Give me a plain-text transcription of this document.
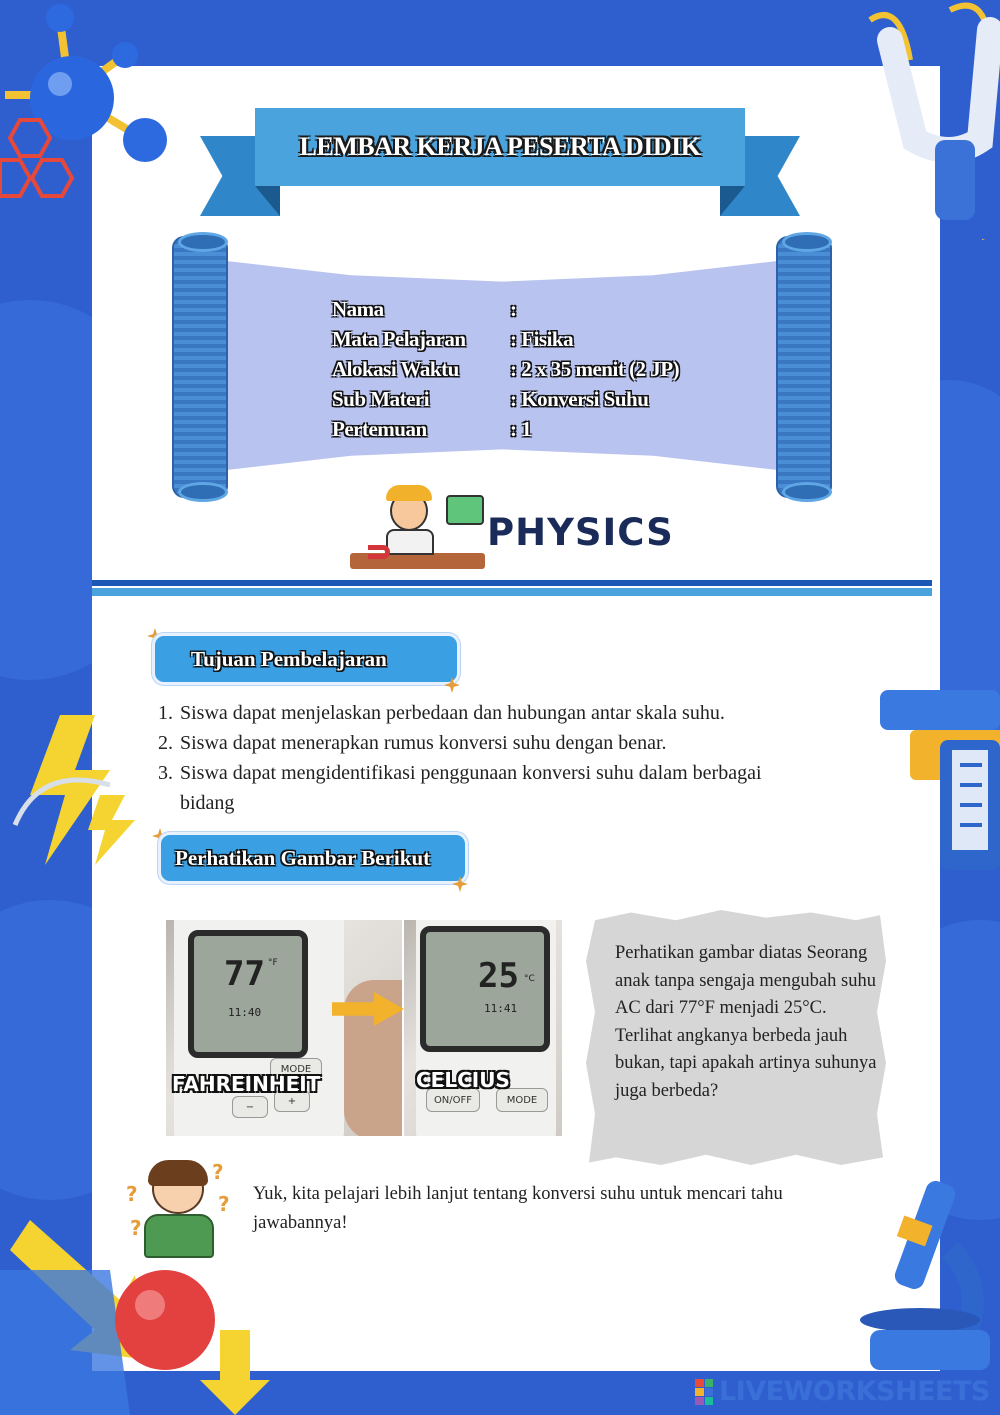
LEMBAR KERJA PESERTA DIDIK
Nama	:
Mata Pelajaran	: Fisika
Alokasi Waktu	: 2 x 35 menit (2 JP)
Sub Materi	: Konversi Suhu
Pertemuan	: 1
PHYSICS
Tujuan Pembelajaran
1. Siswa dapat menjelaskan perbedaan dan hubungan antar skala suhu.
2. Siswa dapat menerapkan rumus konversi suhu dengan benar.
3. Siswa dapat mengidentifikasi penggunaan konversi suhu dalam berbagai bidang
Perhatikan Gambar Berikut
77 °F
11:40
MODE
−
+
FAHREINHEIT
25 °C
11:41
ON/OFF	MODE
CELCIUS

Perhatikan gambar diatas Seorang anak tanpa sengaja mengubah suhu AC dari 77°F menjadi 25°C. Terlihat angkanya berbeda jauh bukan, tapi apakah artinya suhunya juga berbeda?

?
?
?
?

Yuk, kita pelajari lebih lanjut tentang konversi suhu untuk mencari tahu jawabannya!

LIVEWORKSHEETS
